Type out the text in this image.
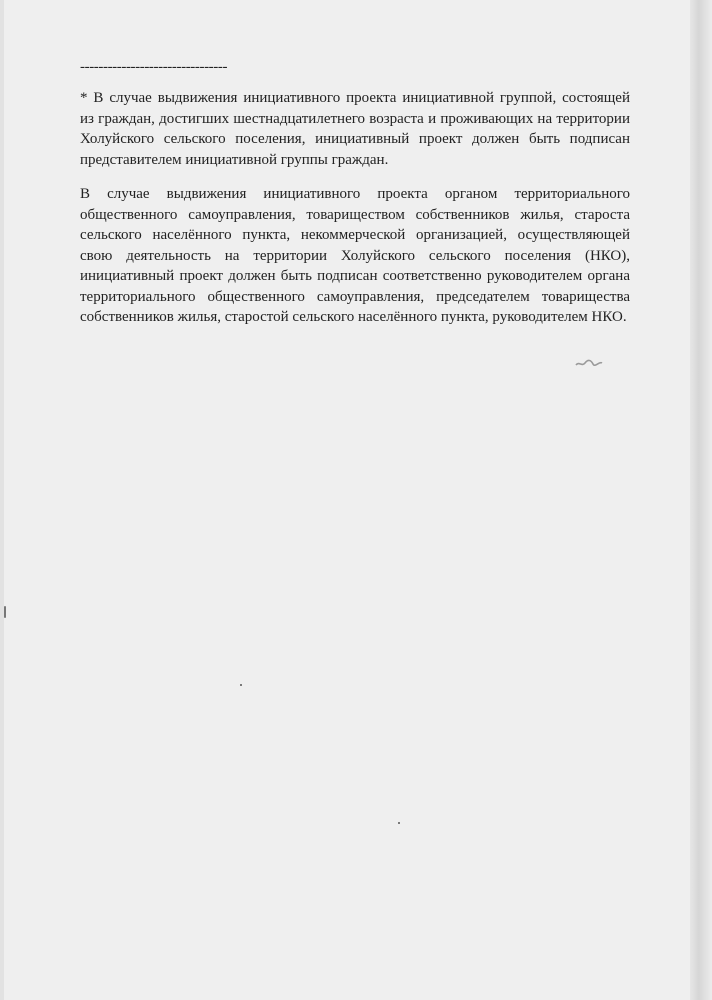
--------------------------------

* В случае выдвижения инициативного проекта инициативной группой, состоящей из граждан, достигших шестнадцатилетнего возраста и проживающих на территории Холуйского сельского поселения, инициативный проект должен быть подписан представителем инициативной группы граждан.

В случае выдвижения инициативного проекта органом территориального общественного самоуправления, товариществом собственников жилья, староста сельского населённого пункта, некоммерческой организацией, осуществляющей свою деятельность на территории Холуйского сельского поселения (НКО), инициативный проект должен быть подписан соответственно руководителем органа территориального общественного самоуправления, председателем товарищества собственников жилья, старостой сельского населённого пункта, руководителем НКО.
